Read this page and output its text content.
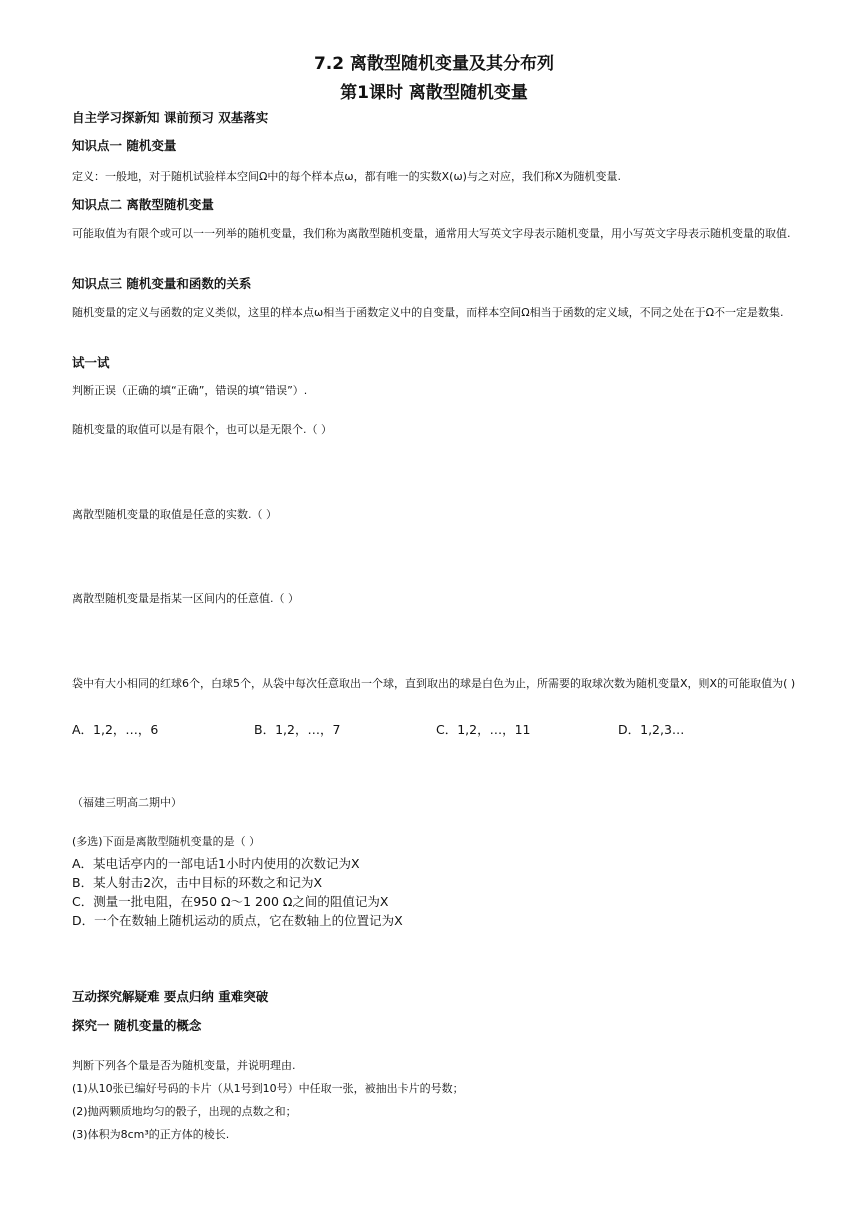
7.2 离散型随机变量及其分布列
第1课时 离散型随机变量
自主学习探新知 课前预习 双基落实
知识点一 随机变量
定义：一般地，对于随机试验样本空间Ω中的每个样本点ω，都有唯一的实数X(ω)与之对应，我们称X为随机变量.
知识点二 离散型随机变量
可能取值为有限个或可以一一列举的随机变量，我们称为离散型随机变量，通常用大写英文字母表示随机变量，用小写英文字母表示随机变量的取值.
知识点三 随机变量和函数的关系
随机变量的定义与函数的定义类似，这里的样本点ω相当于函数定义中的自变量，而样本空间Ω相当于函数的定义域，不同之处在于Ω不一定是数集.
试一试
判断正误（正确的填“正确”，错误的填“错误”）.
随机变量的取值可以是有限个，也可以是无限个.（ ）
离散型随机变量的取值是任意的实数.（ ）
离散型随机变量是指某一区间内的任意值.（ ）
袋中有大小相同的红球6个，白球5个，从袋中每次任意取出一个球，直到取出的球是白色为止，所需要的取球次数为随机变量X，则X的可能取值为( )
A．1,2，…，6	B．1,2，…，7	C．1,2，…，11	D．1,2,3…
（福建三明高二期中）
(多选)下面是离散型随机变量的是（ ）
A．某电话亭内的一部电话1小时内使用的次数记为X
B．某人射击2次，击中目标的环数之和记为X
C．测量一批电阻，在950 Ω～1 200 Ω之间的阻值记为X
D．一个在数轴上随机运动的质点，它在数轴上的位置记为X
互动探究解疑难 要点归纳 重难突破
探究一 随机变量的概念
判断下列各个量是否为随机变量，并说明理由.
(1)从10张已编好号码的卡片（从1号到10号）中任取一张，被抽出卡片的号数；
(2)抛两颗质地均匀的骰子，出现的点数之和；
(3)体积为8cm³的正方体的棱长.
